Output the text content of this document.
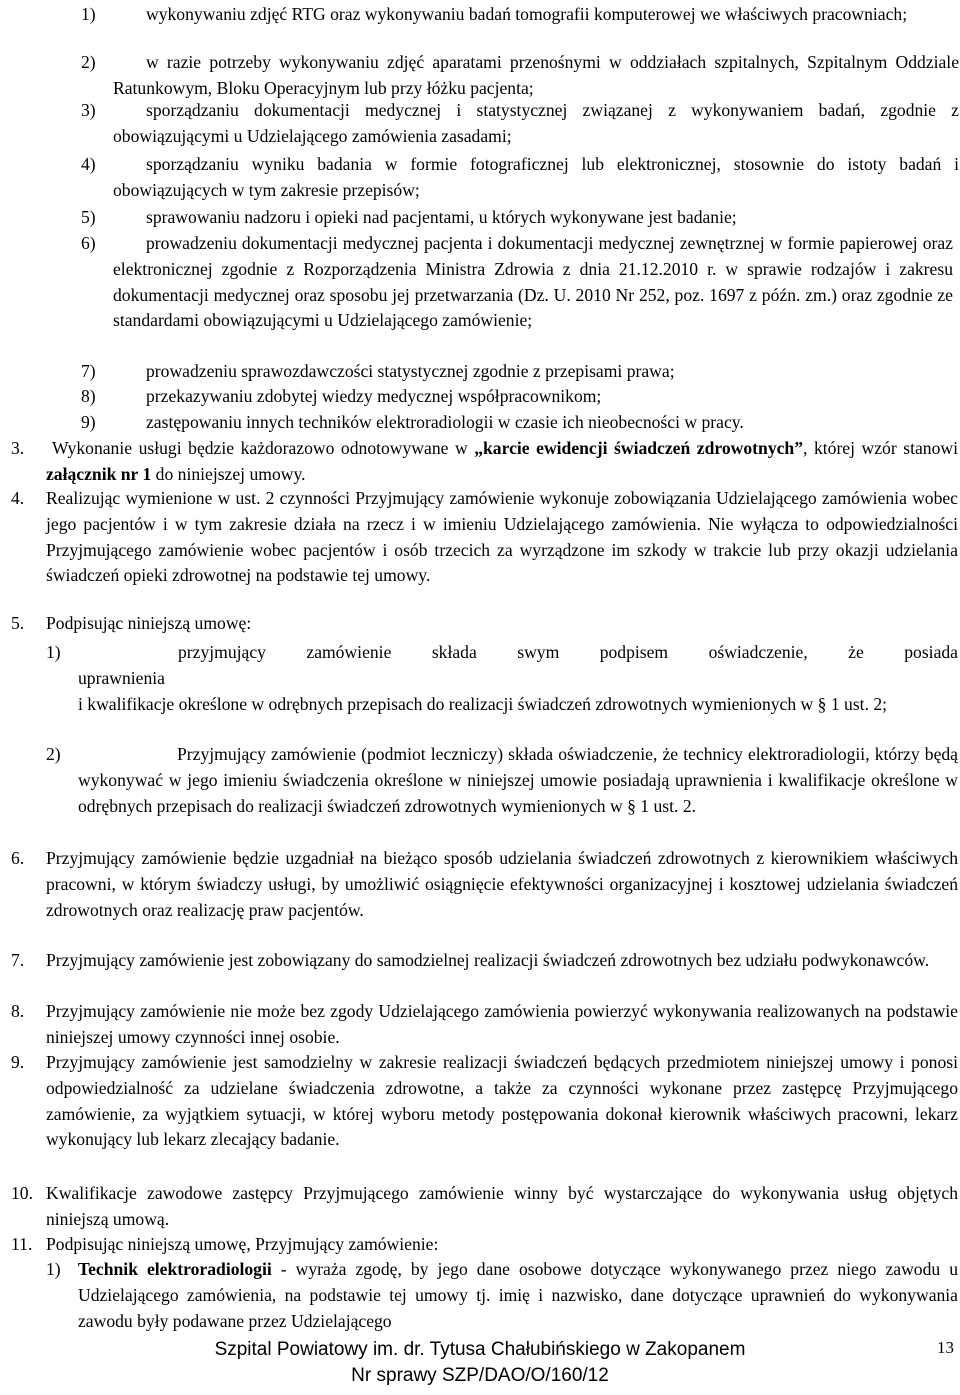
1)	wykonywaniu zdjęć RTG oraz wykonywaniu badań tomografii komputerowej we właściwych pracowniach;
2)	w razie potrzeby wykonywaniu zdjęć aparatami przenośnymi w oddziałach szpitalnych, Szpitalnym Oddziale Ratunkowym, Bloku Operacyjnym lub przy łóżku pacjenta;
3)	sporządzaniu dokumentacji medycznej i statystycznej związanej z wykonywaniem badań, zgodnie z obowiązującymi u Udzielającego zamówienia zasadami;
4)	sporządzaniu wyniku badania w formie fotograficznej lub elektronicznej, stosownie do istoty badań i obowiązujących w tym zakresie przepisów;
5)	sprawowaniu nadzoru i opieki nad pacjentami, u których wykonywane jest badanie;
6)	prowadzeniu dokumentacji medycznej pacjenta i dokumentacji medycznej zewnętrznej w formie papierowej oraz elektronicznej zgodnie z Rozporządzenia Ministra Zdrowia z dnia 21.12.2010 r. w sprawie rodzajów i zakresu dokumentacji medycznej oraz sposobu jej przetwarzania (Dz. U. 2010 Nr 252, poz. 1697 z późn. zm.) oraz zgodnie ze standardami obowiązującymi u Udzielającego zamówienie;
7)	prowadzeniu sprawozdawczości statystycznej zgodnie z przepisami prawa;
8)	przekazywaniu zdobytej wiedzy medycznej współpracownikom;
9)	zastępowaniu innych techników elektroradiologii w czasie ich nieobecności w pracy.
3.	Wykonanie usługi będzie każdorazowo odnotowywane w „karcie ewidencji świadczeń zdrowotnych”, której wzór stanowi załącznik nr 1 do niniejszej umowy.
4. Realizując wymienione w ust. 2 czynności Przyjmujący zamówienie wykonuje zobowiązania Udzielającego zamówienia wobec jego pacjentów i w tym zakresie działa na rzecz i w imieniu Udzielającego zamówienia. Nie wyłącza to odpowiedzialności Przyjmującego zamówienie wobec pacjentów i osób trzecich za wyrządzone im szkody w trakcie lub przy okazji udzielania świadczeń opieki zdrowotnej na podstawie tej umowy.
5. Podpisując niniejszą umowę:
1)	przyjmujący zamówienie składa swym podpisem oświadczenie, że posiada
uprawnienia
i kwalifikacje określone w odrębnych przepisach do realizacji świadczeń zdrowotnych wymienionych w § 1 ust. 2;
2)	Przyjmujący zamówienie (podmiot leczniczy) składa oświadczenie, że technicy elektroradiologii, którzy będą wykonywać w jego imieniu świadczenia określone w niniejszej umowie posiadają uprawnienia i kwalifikacje określone w odrębnych przepisach do realizacji świadczeń zdrowotnych wymienionych w § 1 ust. 2.
6. Przyjmujący zamówienie będzie uzgadniał na bieżąco sposób udzielania świadczeń zdrowotnych z kierownikiem właściwych pracowni, w którym świadczy usługi, by umożliwić osiągnięcie efektywności organizacyjnej i kosztowej udzielania świadczeń zdrowotnych oraz realizację praw pacjentów.
7. Przyjmujący zamówienie jest zobowiązany do samodzielnej realizacji świadczeń zdrowotnych bez udziału podwykonawców.
8. Przyjmujący zamówienie nie może bez zgody Udzielającego zamówienia powierzyć wykonywania realizowanych na podstawie niniejszej umowy czynności innej osobie.
9. Przyjmujący zamówienie jest samodzielny w zakresie realizacji świadczeń będących przedmiotem niniejszej umowy i ponosi odpowiedzialność za udzielane świadczenia zdrowotne, a także za czynności wykonane przez zastępcę Przyjmującego zamówienie, za wyjątkiem sytuacji, w której wyboru metody postępowania dokonał kierownik właściwych pracowni, lekarz wykonujący lub lekarz zlecający badanie.
10. Kwalifikacje zawodowe zastępcy Przyjmującego zamówienie winny być wystarczające do wykonywania usług objętych niniejszą umową.
11. Podpisując niniejszą umowę, Przyjmujący zamówienie:
1) Technik elektroradiologii - wyraża zgodę, by jego dane osobowe dotyczące wykonywanego przez niego zawodu u Udzielającego zamówienia, na podstawie tej umowy tj. imię i nazwisko, dane dotyczące uprawnień do wykonywania zawodu były podawane przez Udzielającego
Szpital Powiatowy im. dr. Tytusa Chałubińskiego w Zakopanem
Nr sprawy SZP/DAO/O/160/12
13
